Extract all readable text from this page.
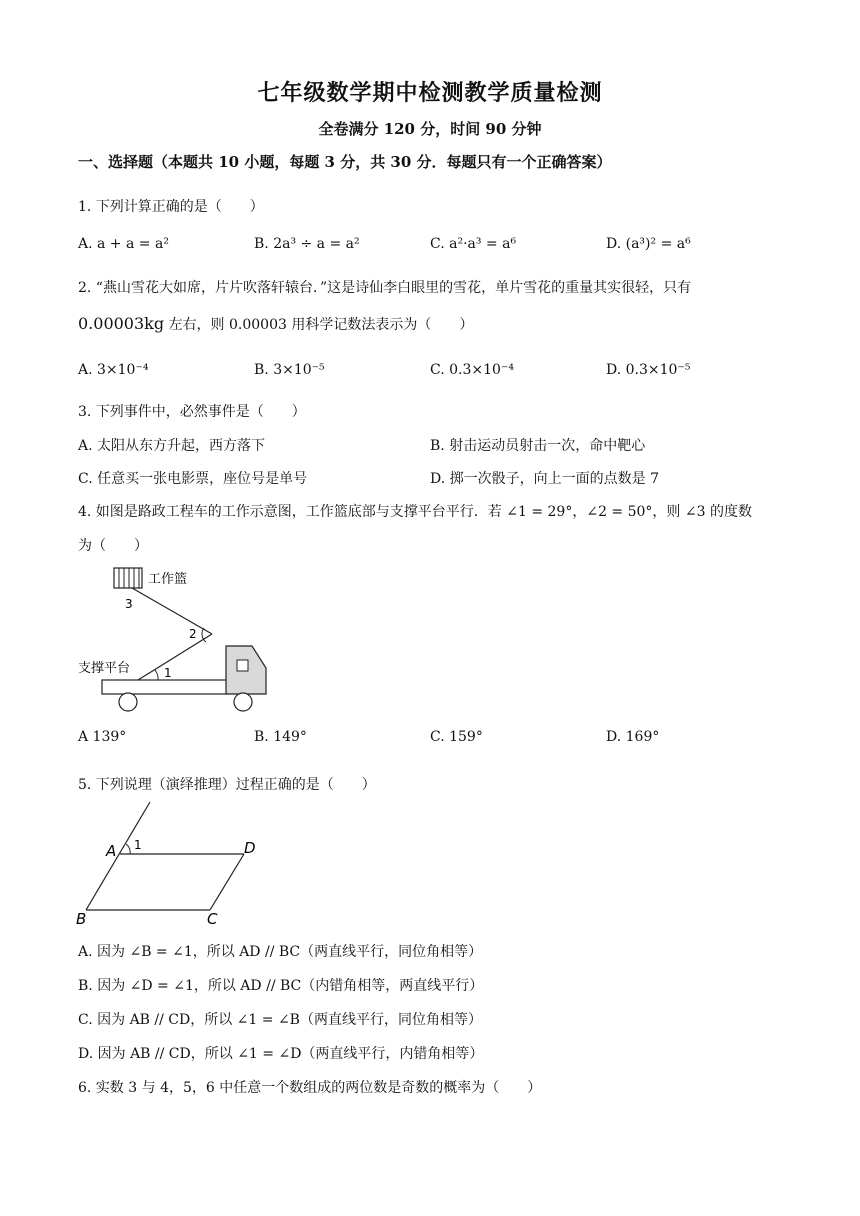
七年级数学期中检测教学质量检测
全卷满分 120 分，时间 90 分钟
一、选择题（本题共 10 小题，每题 3 分，共 30 分．每题只有一个正确答案）
1. 下列计算正确的是（　　）
A. a + a = a²	B. 2a³ ÷ a = a²	C. a²·a³ = a⁶	D. (a³)² = a⁶
2. “燕山雪花大如席，片片吹落轩辕台．”这是诗仙李白眼里的雪花，单片雪花的重量其实很轻，只有
0.00003kg 左右，则 0.00003 用科学记数法表示为（　　）
A. 3×10⁻⁴	B. 3×10⁻⁵	C. 0.3×10⁻⁴	D. 0.3×10⁻⁵
3. 下列事件中，必然事件是（　　）
A. 太阳从东方升起，西方落下	B. 射击运动员射击一次，命中靶心
C. 任意买一张电影票，座位号是单号	D. 掷一次骰子，向上一面的点数是 7
4. 如图是路政工程车的工作示意图，工作篮底部与支撑平台平行．若 ∠1 = 29°，∠2 = 50°，则 ∠3 的度数
为（　　）
工作篮
3
2
1
支撑平台
A 139°	B. 149°	C. 159°	D. 169°
5. 下列说理（演绎推理）过程正确的是（　　）
A	D
B	C
1
A. 因为 ∠B = ∠1，所以 AD // BC（两直线平行，同位角相等）
B. 因为 ∠D = ∠1，所以 AD // BC（内错角相等，两直线平行）
C. 因为 AB // CD，所以 ∠1 = ∠B（两直线平行，同位角相等）
D. 因为 AB // CD，所以 ∠1 = ∠D（两直线平行，内错角相等）
6. 实数 3 与 4，5，6 中任意一个数组成的两位数是奇数的概率为（　　）
